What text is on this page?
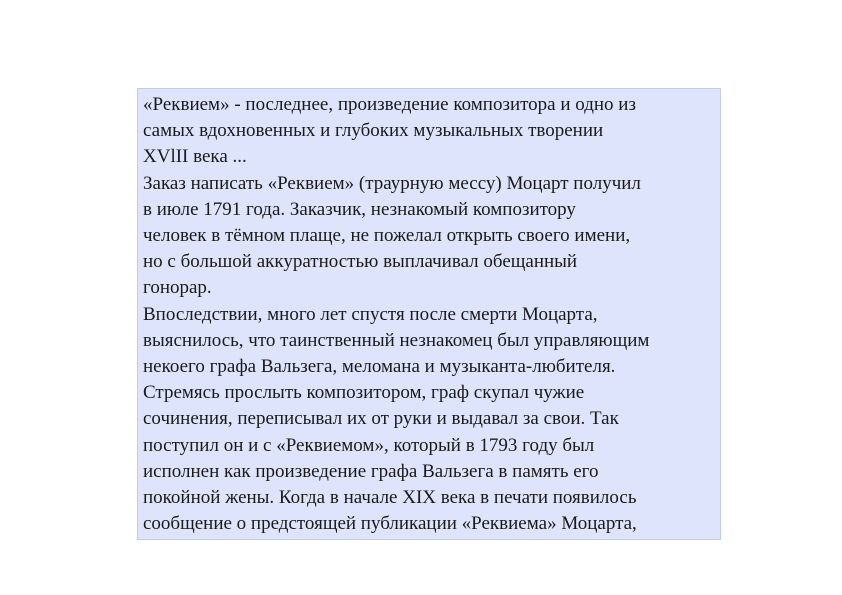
«Реквием» - последнее, произведение композитора и одно из
самых вдохновенных и глубоких музыкальных творении
XVlII века ...
Заказ написать «Реквием» (траурную мессу) Моцарт получил
в июле 1791 года. Заказчик, незнакомый композитору
человек в тёмном плаще, не пожелал открыть своего имени,
но с большой аккуратностью выплачивал обещанный
гонорар.
Впоследствии, много лет спустя после смерти Моцарта,
выяснилось, что таинственный незнакомец был управляющим
некоего графа Вальзега, меломана и музыканта-любителя.
Стремясь прослыть композитором, граф скупал чужие
сочинения, переписывал их от руки и выдавал за свои. Так
поступил он и с «Реквиемом», который в 1793 году был
исполнен как произведение графа Вальзега в память его
покойной жены. Когда в начале XIX века в печати появилось
сообщение о предстоящей публикации «Реквиема» Моцарта,
